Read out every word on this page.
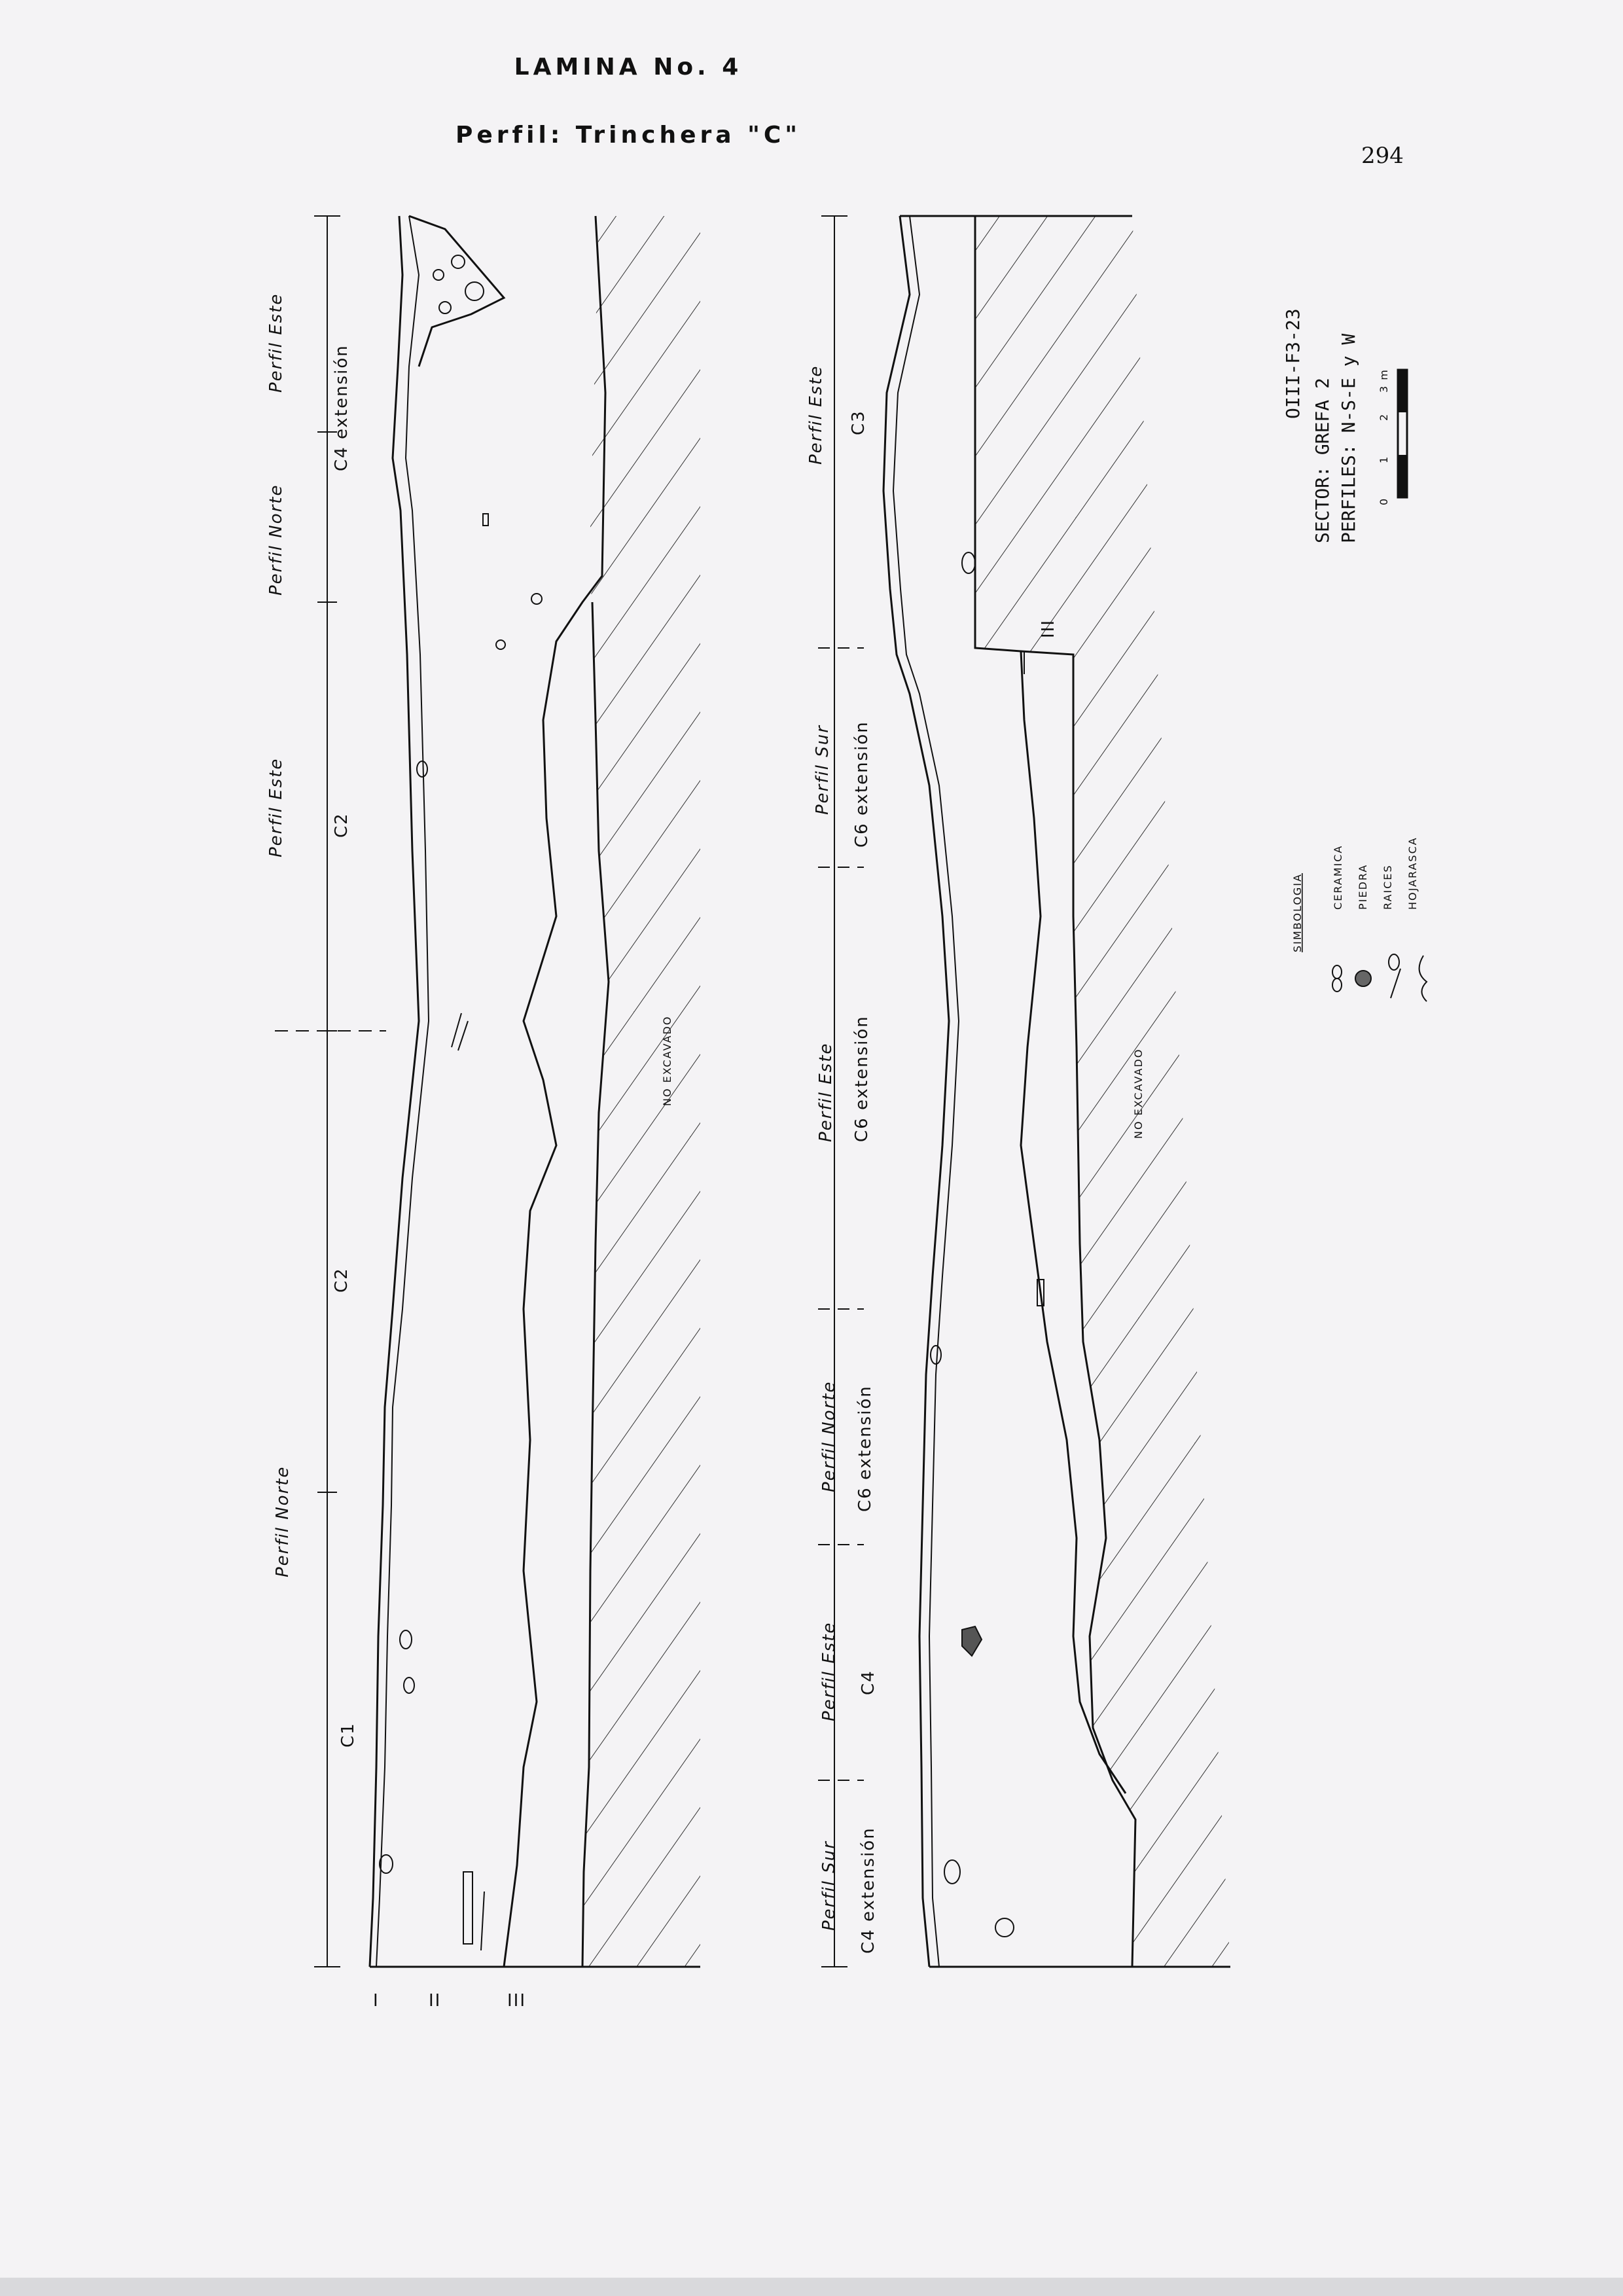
LAMINA No. 4
Perfil: Trinchera "C"
294
Perfil Este
C4 extensión
Perfil Norte
Perfil Este	C2
C2
Perfil Norte
C1
NO EXCAVADO
I	II	III
Perfil Este C3
Perfil Sur C6 extensión
Perfil Este C6 extensión
Perfil Norte C6 extensión
Perfil Este C4
Perfil Sur C4 extensión
III
NO EXCAVADO
OIII-F3-23
SECTOR: GREFA 2 PERFILES: N-S-E y W 0
1
2
3 m
SIMBOLOGIA	CERAMICA PIEDRA RAICES HOJARASCA
